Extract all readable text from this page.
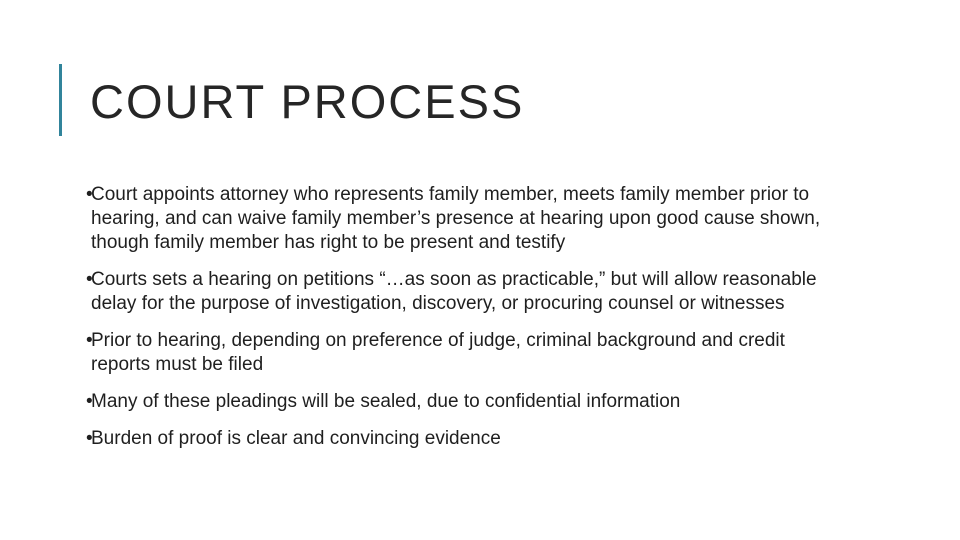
COURT PROCESS
•
Court appoints attorney who represents family member, meets family member prior to hearing, and can waive family member’s presence at hearing upon good cause shown, though family member has right to be present and testify
•
Courts sets a hearing on petitions “…as soon as practicable,” but will allow reasonable delay for the purpose of investigation, discovery, or procuring counsel or witnesses
•
Prior to hearing, depending on preference of judge, criminal background and credit reports must be filed
•
Many of these pleadings will be sealed, due to confidential information
•
Burden of proof is clear and convincing evidence
